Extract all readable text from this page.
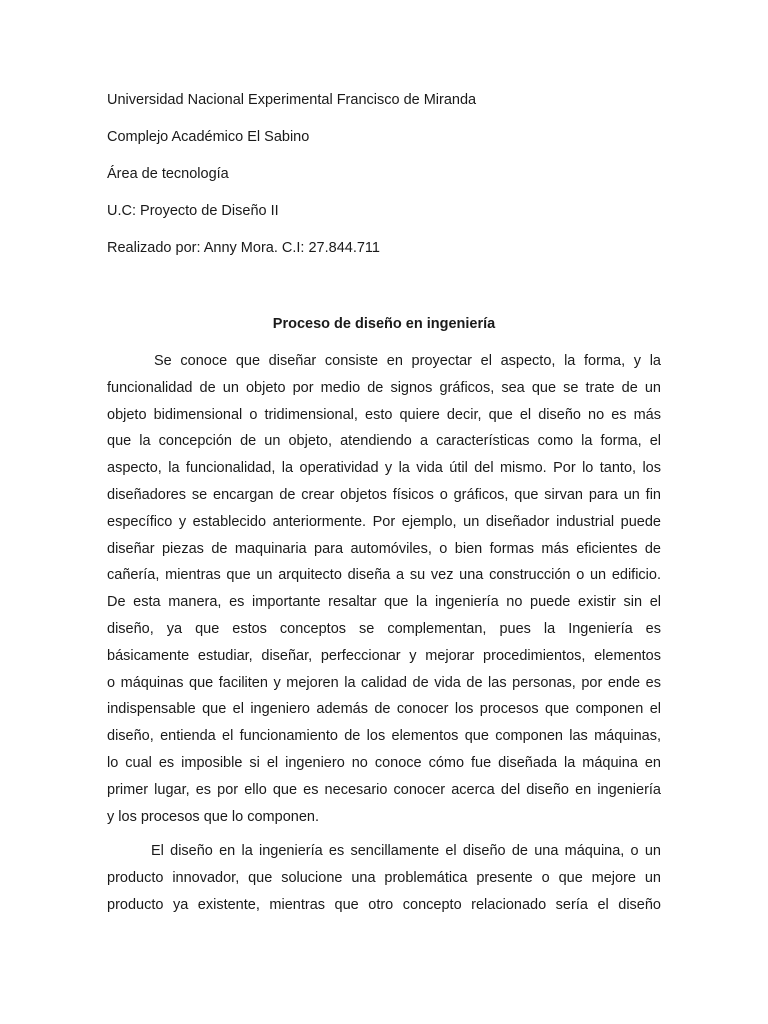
Universidad Nacional Experimental Francisco de Miranda
Complejo Académico El Sabino
Área de tecnología
U.C: Proyecto de Diseño II
Realizado por: Anny Mora. C.I: 27.844.711
Proceso de diseño en ingeniería
Se conoce que diseñar consiste en proyectar el aspecto, la forma, y la
funcionalidad de un objeto por medio de signos gráficos, sea que se trate de un
objeto bidimensional o tridimensional, esto quiere decir, que el diseño no es más
que la concepción de un objeto, atendiendo a características como la forma, el
aspecto, la funcionalidad, la operatividad y la vida útil del mismo. Por lo tanto, los
diseñadores se encargan de crear objetos físicos o gráficos, que sirvan para un fin
específico y establecido anteriormente. Por ejemplo, un diseñador industrial puede
diseñar piezas de maquinaria para automóviles, o bien formas más eficientes de
cañería, mientras que un arquitecto diseña a su vez una construcción o un edificio.
De esta manera, es importante resaltar que la ingeniería no puede existir sin el
diseño, ya que estos conceptos se complementan, pues la Ingeniería es
básicamente estudiar, diseñar, perfeccionar y mejorar procedimientos, elementos
o máquinas que faciliten y mejoren la calidad de vida de las personas, por ende es
indispensable que el ingeniero además de conocer los procesos que componen el
diseño, entienda el funcionamiento de los elementos que componen las máquinas,
lo cual es imposible si el ingeniero no conoce cómo fue diseñada la máquina en
primer lugar, es por ello que es necesario conocer acerca del diseño en ingeniería
y los procesos que lo componen.
El diseño en la ingeniería es sencillamente el diseño de una máquina, o un
producto innovador, que solucione una problemática presente o que mejore un
producto ya existente, mientras que otro concepto relacionado sería el diseño
